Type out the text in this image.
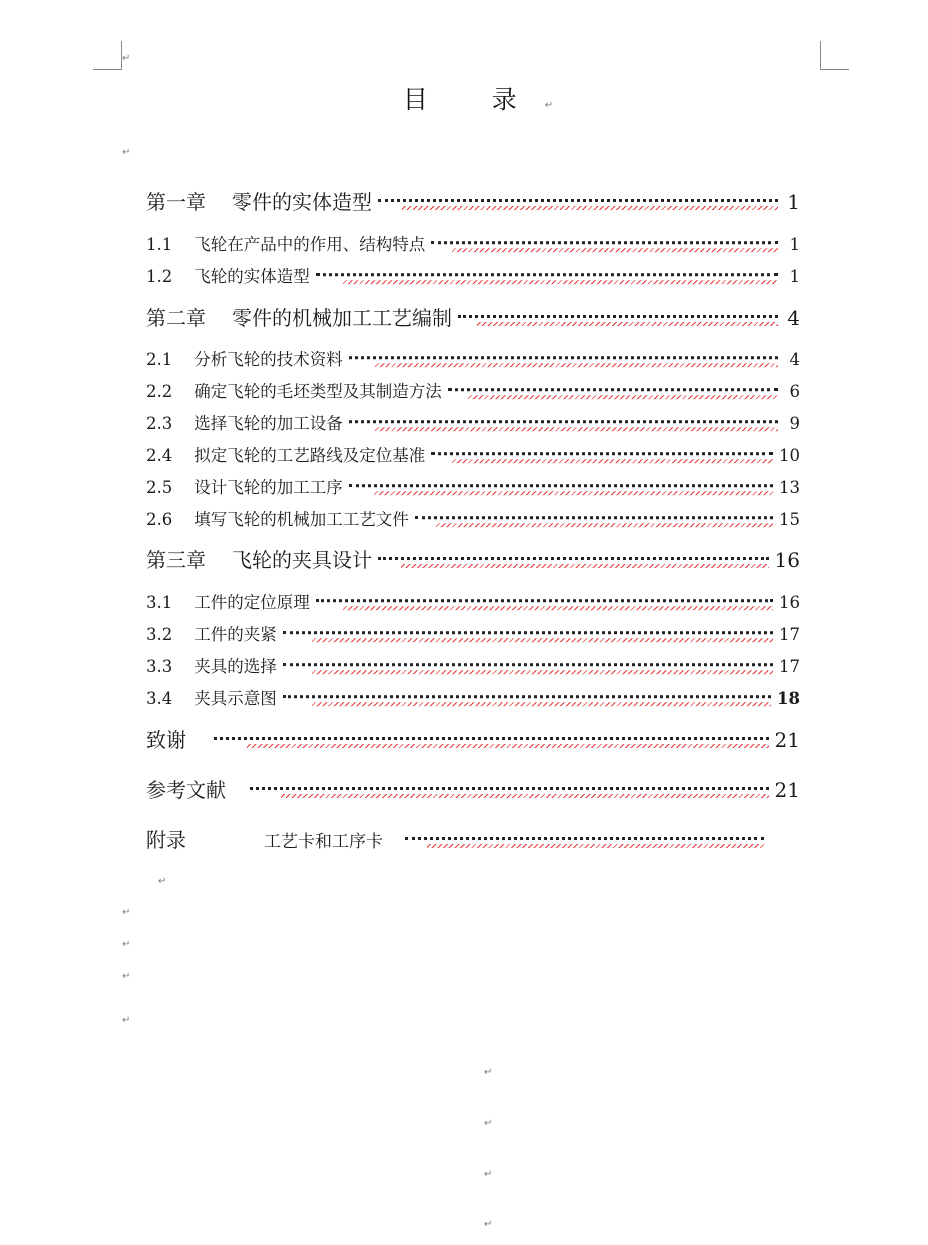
↵
目 录↵
↵
第一章 零件的实体造型	1
1.1 飞轮在产品中的作用、结构特点	1
1.2 飞轮的实体造型	1
第二章 零件的机械加工工艺编制	4
2.1 分析飞轮的技术资料	4
2.2 确定飞轮的毛坯类型及其制造方法	6
2.3 选择飞轮的加工设备	9
2.4 拟定飞轮的工艺路线及定位基准	10
2.5 设计飞轮的加工工序	13
2.6 填写飞轮的机械加工工艺文件	15
第三章 飞轮的夹具设计	16
3.1 工件的定位原理	16
3.2 工件的夹紧	17
3.3 夹具的选择	17
3.4 夹具示意图	18
致谢	21
参考文献	21
附录	工艺卡和工序卡
↵
↵
↵
↵
↵
↵
↵
↵
↵
